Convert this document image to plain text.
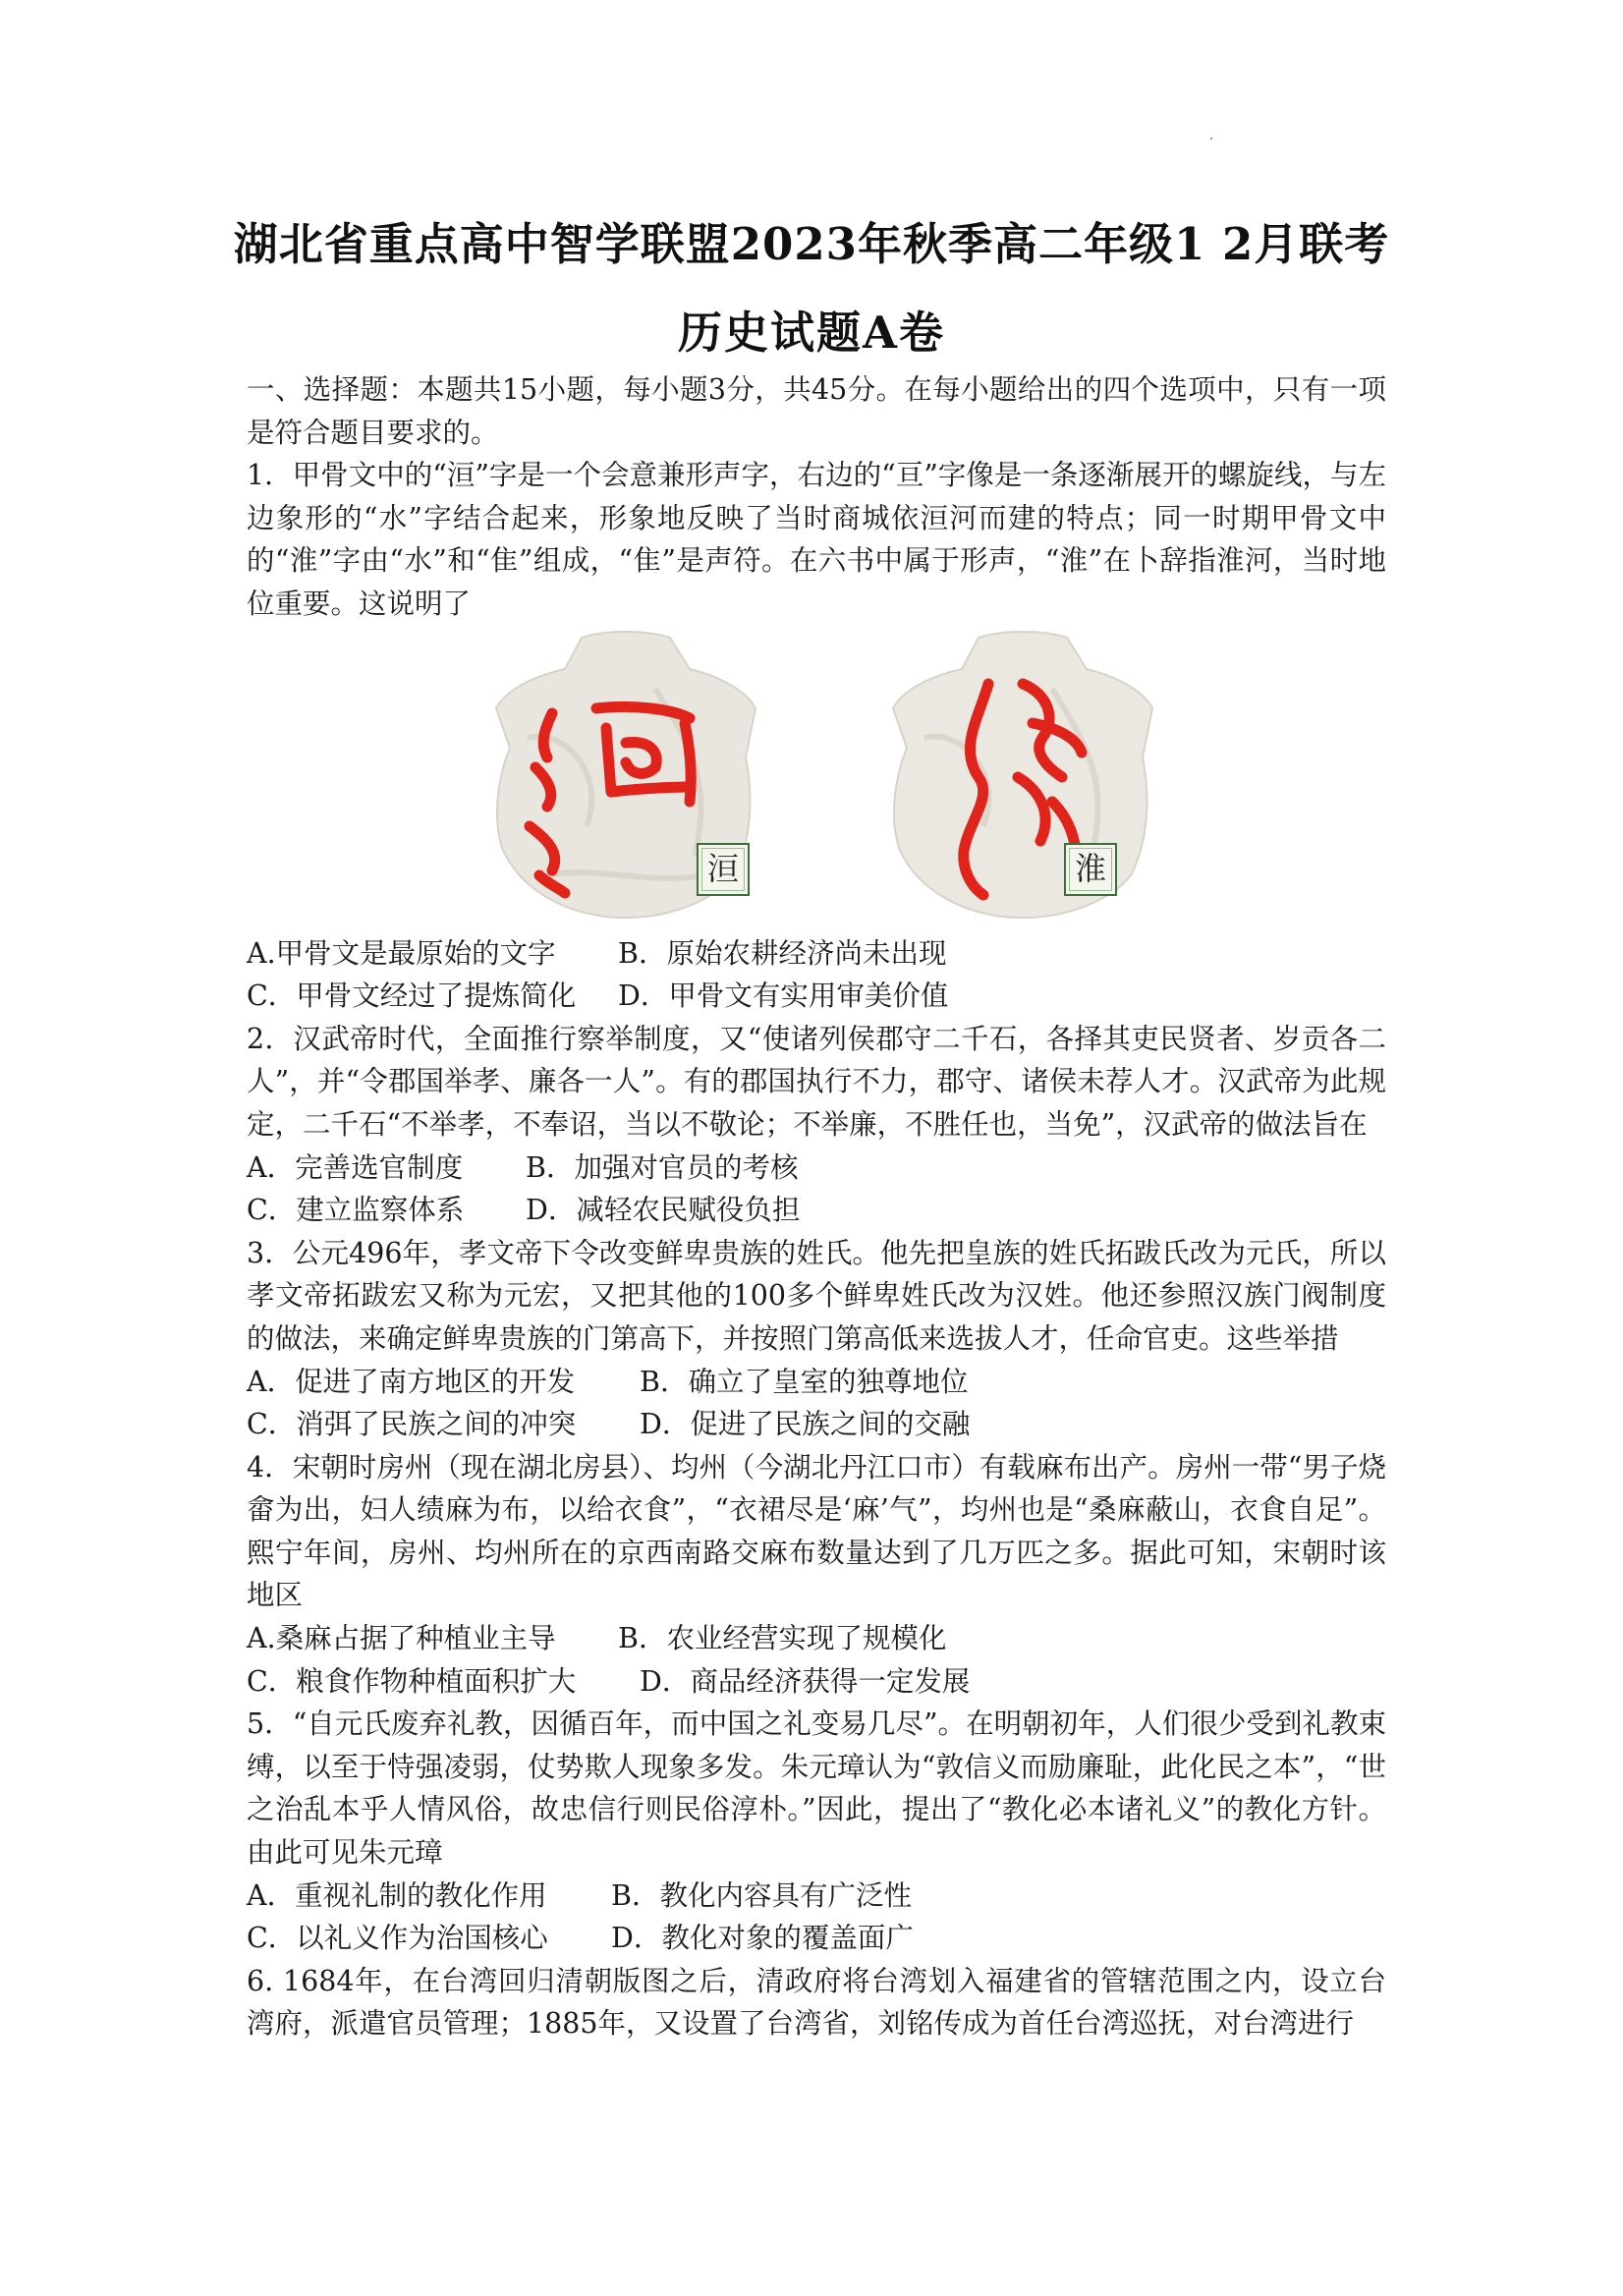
湖北省重点高中智学联盟2023年秋季高二年级1 2月联考
历史试题A卷

一、选择题：本题共15小题，每小题3分，共45分。在每小题给出的四个选项中，只有一项是符合题目要求的。

1．甲骨文中的“洹”字是一个会意兼形声字，右边的“亘”字像是一条逐渐展开的螺旋线，与左边象形的“水”字结合起来，形象地反映了当时商城依洹河而建的特点；同一时期甲骨文中的“淮”字由“水”和“隹”组成，“隹”是声符。在六书中属于形声，“淮”在卜辞指淮河，当时地位重要。这说明了

洹	淮
A.甲骨文是最原始的文字	B．原始农耕经济尚未出现
C．甲骨文经过了提炼简化	D．甲骨文有实用审美价值

2．汉武帝时代，全面推行察举制度，又“使诸列侯郡守二千石，各择其吏民贤者、岁贡各二人”，并“令郡国举孝、廉各一人”。有的郡国执行不力，郡守、诸侯未荐人才。汉武帝为此规定，二千石“不举孝，不奉诏，当以不敬论；不举廉，不胜任也，当免”，汉武帝的做法旨在

A．完善选官制度	B．加强对官员的考核
C．建立监察体系	D．减轻农民赋役负担

3．公元496年，孝文帝下令改变鲜卑贵族的姓氏。他先把皇族的姓氏拓跋氏改为元氏，所以孝文帝拓跋宏又称为元宏，又把其他的100多个鲜卑姓氏改为汉姓。他还参照汉族门阀制度的做法，来确定鲜卑贵族的门第高下，并按照门第高低来选拔人才，任命官吏。这些举措

A．促进了南方地区的开发	B．确立了皇室的独尊地位
C．消弭了民族之间的冲突	D．促进了民族之间的交融

4．宋朝时房州（现在湖北房县）、均州（今湖北丹江口市）有载麻布出产。房州一带“男子烧畲为出，妇人绩麻为布，以给衣食”，“衣裙尽是‘麻’气”，均州也是“桑麻蔽山，衣食自足”。熙宁年间，房州、均州所在的京西南路交麻布数量达到了几万匹之多。据此可知，宋朝时该地区

A.桑麻占据了种植业主导	B．农业经营实现了规模化
C．粮食作物种植面积扩大	D．商品经济获得一定发展

5．“自元氏废弃礼教，因循百年，而中国之礼变易几尽”。在明朝初年，人们很少受到礼教束缚，以至于恃强凌弱，仗势欺人现象多发。朱元璋认为“敦信义而励廉耻，此化民之本”，“世之治乱本乎人情风俗，故忠信行则民俗淳朴。”因此，提出了“教化必本诸礼义”的教化方针。由此可见朱元璋

A．重视礼制的教化作用	B．教化内容具有广泛性
C．以礼义作为治国核心	D．教化对象的覆盖面广

6. 1684年，在台湾回归清朝版图之后，清政府将台湾划入福建省的管辖范围之内，设立台湾府，派遣官员管理；1885年，又设置了台湾省，刘铭传成为首任台湾巡抚，对台湾进行
